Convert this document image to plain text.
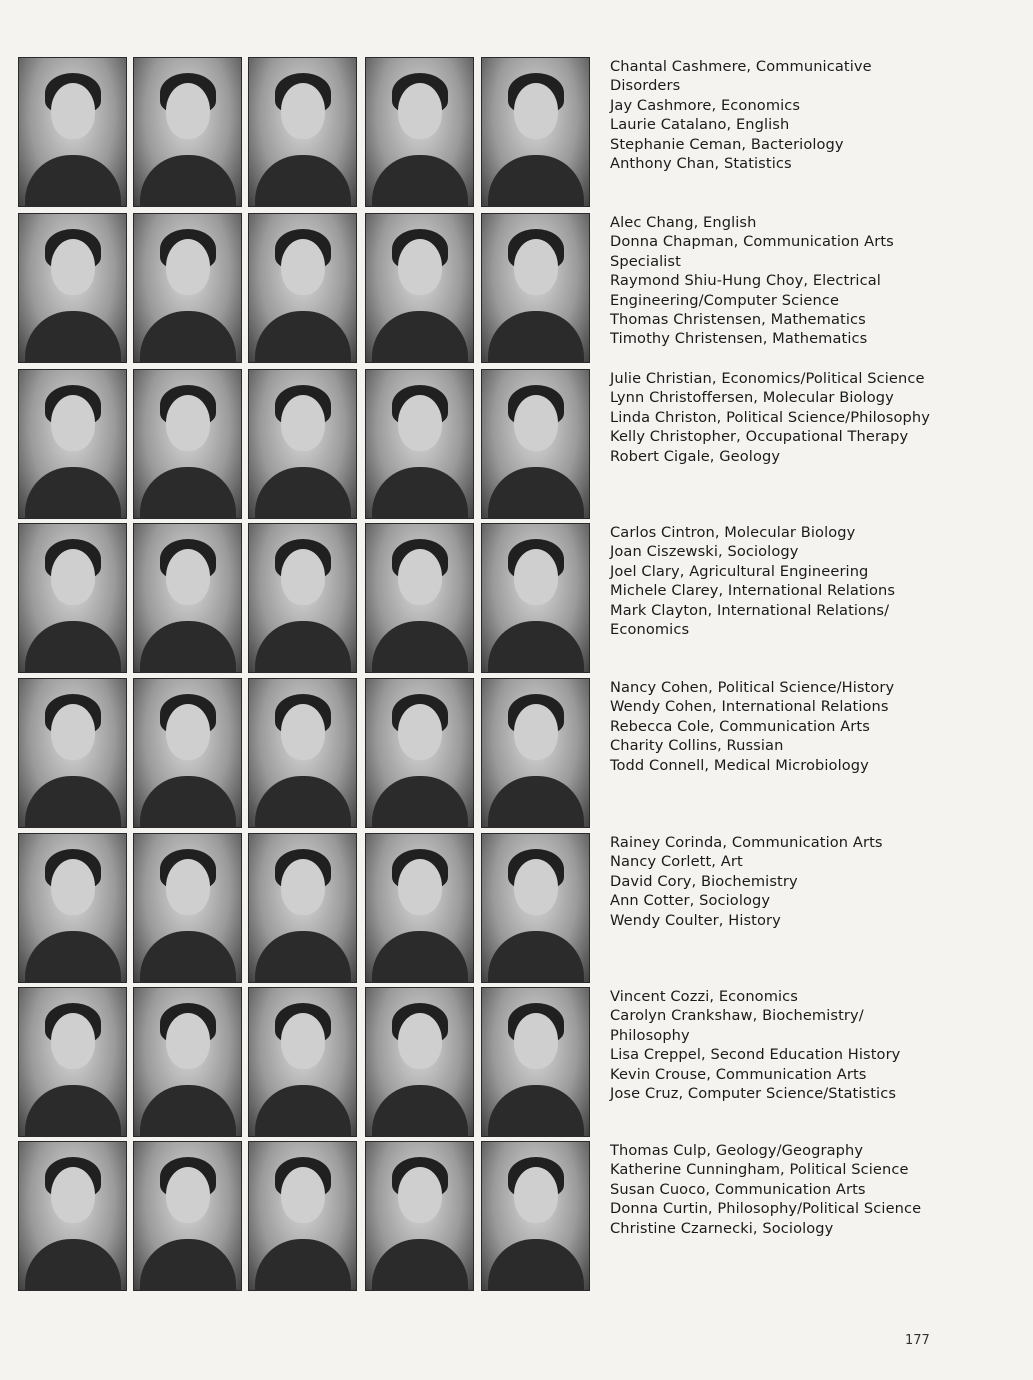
Chantal Cashmere, Communicative
Disorders
Jay Cashmore, Economics
Laurie Catalano, English
Stephanie Ceman, Bacteriology
Anthony Chan, Statistics
Alec Chang, English
Donna Chapman, Communication Arts
Specialist
Raymond Shiu-Hung Choy, Electrical
Engineering/Computer Science
Thomas Christensen, Mathematics
Timothy Christensen, Mathematics
Julie Christian, Economics/Political Science
Lynn Christoffersen, Molecular Biology
Linda Christon, Political Science/Philosophy
Kelly Christopher, Occupational Therapy
Robert Cigale, Geology
Carlos Cintron, Molecular Biology
Joan Ciszewski, Sociology
Joel Clary, Agricultural Engineering
Michele Clarey, International Relations
Mark Clayton, International Relations/
Economics
Nancy Cohen, Political Science/History
Wendy Cohen, International Relations
Rebecca Cole, Communication Arts
Charity Collins, Russian
Todd Connell, Medical Microbiology
Rainey Corinda, Communication Arts
Nancy Corlett, Art
David Cory, Biochemistry
Ann Cotter, Sociology
Wendy Coulter, History
Vincent Cozzi, Economics
Carolyn Crankshaw, Biochemistry/
Philosophy
Lisa Creppel, Second Education History
Kevin Crouse, Communication Arts
Jose Cruz, Computer Science/Statistics
Thomas Culp, Geology/Geography
Katherine Cunningham, Political Science
Susan Cuoco, Communication Arts
Donna Curtin, Philosophy/Political Science
Christine Czarnecki, Sociology
177
